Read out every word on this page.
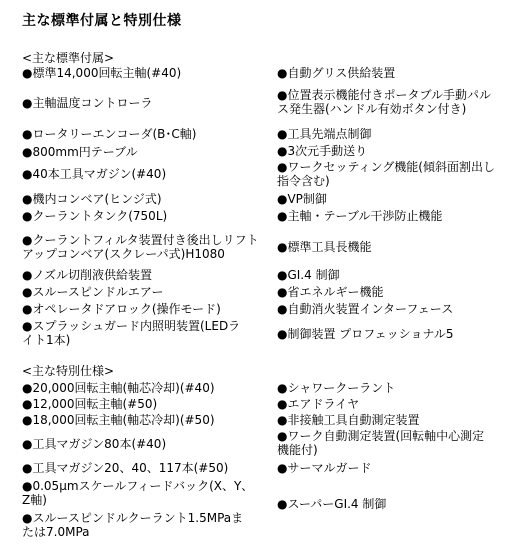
主な標準付属と特別仕様
<主な標準付属>
●標準14,000回転主軸(#40)
●主軸温度コントローラ
●ロータリーエンコーダ(B･C軸)
●800mm円テーブル
●40本工具マガジン(#40)
●機内コンベア(ヒンジ式)
●クーラントタンク(750L)
●クーラントフィルタ装置付き後出しリフト
アップコンベア(スクレーパ式)H1080
●ノズル切削液供給装置
●スルースピンドルエアー
●オペレータドアロック(操作モード)
●スプラッシュガード内照明装置(LEDラ
イト1本)
●自動グリス供給装置
●位置表示機能付きポータブル手動パル
ス発生器(ハンドル有効ボタン付き)
●工具先端点制御
●3次元手動送り
●ワークセッティング機能(傾斜面割出し
指令含む)
●VP制御
●主軸・テーブル干渉防止機能
●標準工具長機能
●GI.4 制御
●省エネルギー機能
●自動消火装置インターフェース
●制御装置 プロフェッショナル5
<主な特別仕様>
●20,000回転主軸(軸芯冷却)(#40)
●12,000回転主軸(#50)
●18,000回転主軸(軸芯冷却)(#50)
●工具マガジン80本(#40)
●工具マガジン20、40、117本(#50)
●0.05μmスケールフィードバック(X、Y、
Z軸)
●スルースピンドルクーラント1.5MPaま
たは7.0MPa
●シャワークーラント
●エアドライヤ
●非接触工具自動測定装置
●ワーク自動測定装置(回転軸中心測定
機能付)
●サーマルガード
●スーパーGI.4 制御
